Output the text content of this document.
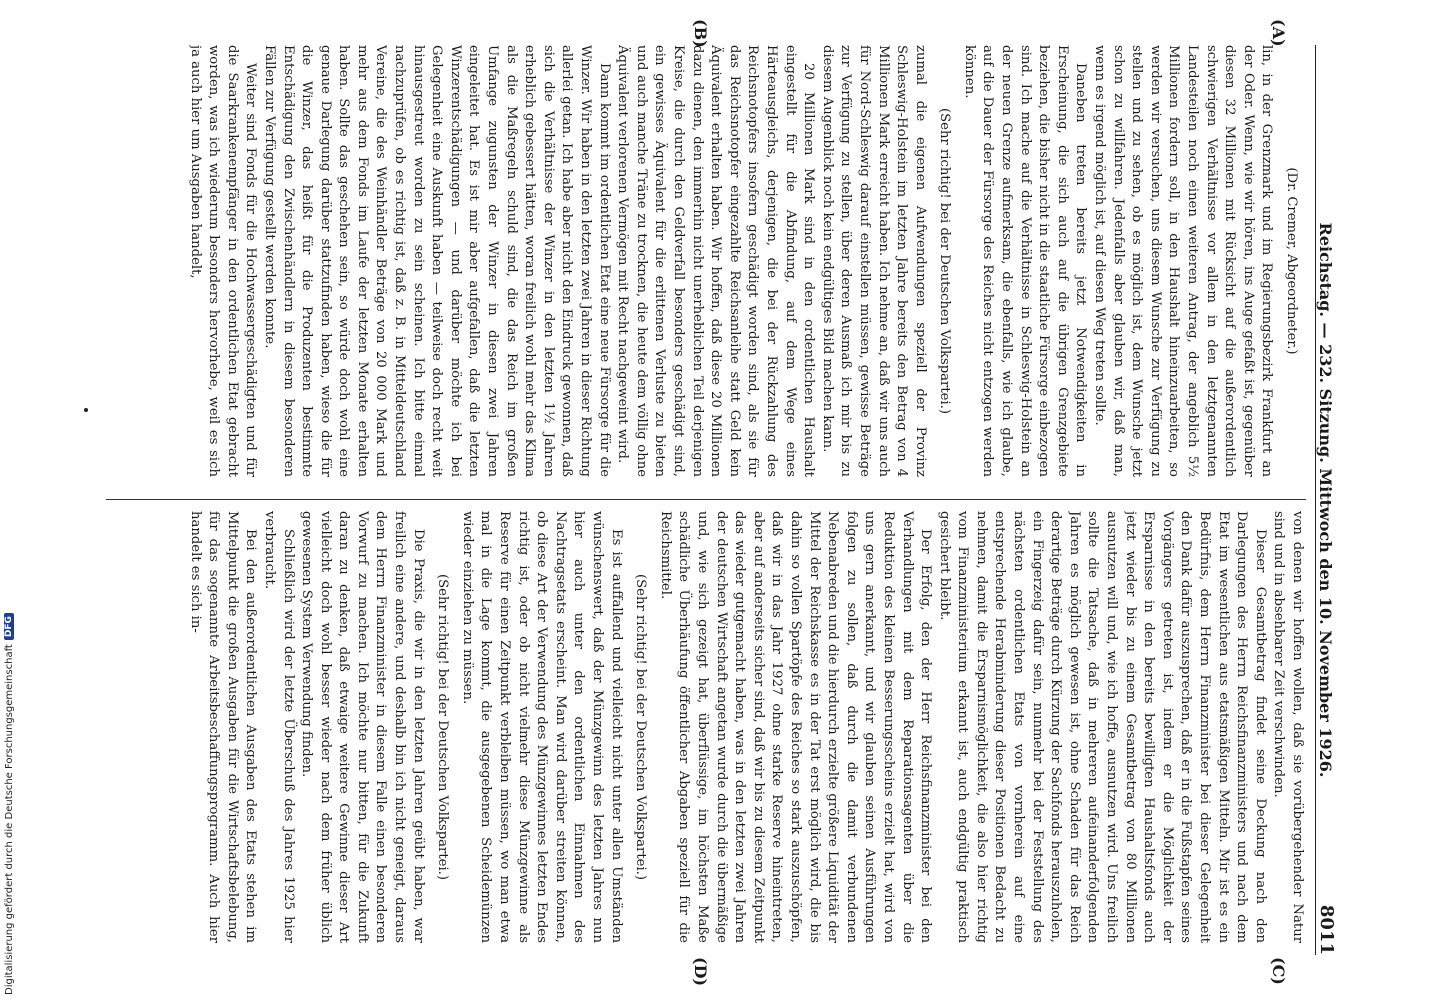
Reichstag. — 232. Sitzung. Mittwoch den 10. November 1926.
8011

(Dr. Cremer, Abgeordneter.)

lin, in der Grenzmark und im Regierungsbezirk Frankfurt an der Oder. Wenn, wie wir hören, ins Auge gefaßt ist, gegenüber diesen 32 Millionen mit Rücksicht auf die außerordentlich schwierigen Verhältnisse vor allem in den letztgenannten Landesteilen noch einen weiteren Antrag, der angeblich 5½ Millionen fordern soll, in den Haushalt hineinzuarbeiten, so werden wir versuchen, uns diesem Wunsche zur Verfügung zu stellen und zu sehen, ob es möglich ist, dem Wunsche jetzt schon zu willfahren. Jedenfalls aber glauben wir, daß man, wenn es irgend möglich ist, auf diesen Weg treten sollte.

Daneben treten bereits jetzt Notwendigkeiten in Erscheinung, die sich auch auf die übrigen Grenzgebiete beziehen, die bisher nicht in die staatliche Fürsorge einbezogen sind. Ich mache auf die Verhältnisse in Schleswig-Holstein an der neuen Grenze aufmerksam, die ebenfalls, wie ich glaube, auf die Dauer der Fürsorge des Reiches nicht entzogen werden können.

(Sehr richtig! bei der Deutschen Volkspartei.)

zumal die eigenen Aufwendungen speziell der Provinz Schleswig-Holstein im letzten Jahre bereits den Betrag von 4 Millionen Mark erreicht haben. Ich nehme an, daß wir uns auch für Nord-Schleswig darauf einstellen müssen, gewisse Beträge zur Verfügung zu stellen, über deren Ausmaß ich mir bis zu diesem Augenblick noch kein endgültiges Bild machen kann.

20 Millionen Mark sind in den ordentlichen Haushalt eingestellt für die Abfindung, auf dem Wege eines Härteausgleichs, derjenigen, die bei der Rückzahlung des Reichsnotopfers insofern geschädigt worden sind, als sie für das Reichsnotopfer eingezahlte Reichsanleihe statt Geld kein Äquivalent erhalten haben. Wir hoffen, daß diese 20 Millionen dazu dienen, den immerhin nicht unerheblichen Teil derjenigen Kreise, die durch den Geldverfall besonders geschädigt sind, ein gewisses Äquivalent für die erlittenen Verluste zu bieten und auch manche Träne zu trocknen, die heute dem völlig ohne Äquivalent verlorenen Vermögen mit Recht nachgeweint wird.

Dann kommt im ordentlichen Etat eine neue Fürsorge für die Winzer. Wir haben in den letzten zwei Jahren in dieser Richtung allerlei getan. Ich habe aber nicht den Eindruck gewonnen, daß sich die Verhältnisse der Winzer in den letzten 1½ Jahren erheblich gebessert hätten, woran freilich wohl mehr das Klima als die Maßregeln schuld sind, die das Reich im großen Umfange zugunsten der Winzer in diesen zwei Jahren eingeleitet hat. Es ist mir aber aufgefallen, daß die letzten Winzerentschädigungen — und darüber möchte ich bei Gelegenheit eine Auskunft haben — teilweise doch recht weit hinausgestreut worden zu sein scheinen. Ich bitte einmal nachzuprüfen, ob es richtig ist, daß z. B. in Mitteldeutschland Vereine, die des Weinhändler Beträge von 20 000 Mark und mehr aus dem Fonds im Laufe der letzten Monate erhalten haben. Sollte das geschehen sein, so würde doch wohl eine genaue Darlegung darüber stattzufinden haben, wieso die für die Winzer, das heißt für die Produzenten bestimmte Entschädigung den Zwischenhändlern in diesem besonderen Fällen zur Verfügung gestellt werden konnte.

Weiter sind Fonds für die Hochwassergeschädigten und für die Saarkrankenempfänger in den ordentlichen Etat gebracht worden, was ich wiederum besonders hervorhebe, weil es sich ja auch hier um Ausgaben handelt,

von denen wir hoffen wollen, daß sie vorübergehender Natur sind und in absehbarer Zeit verschwinden.

Dieser Gesamtbetrag findet seine Deckung nach den Darlegungen des Herrn Reichsfinanzministers und nach dem Etat im wesentlichen aus etatsmäßigen Mitteln. Mir ist es ein Bedürfnis, dem Herrn Finanzminister bei dieser Gelegenheit den Dank dafür auszusprechen, daß er in die Fußstapfen seines Vorgängers getreten ist, indem er die Möglichkeit der Ersparnisse in den bereits bewilligten Haushaltsfonds auch jetzt wieder bis zu einem Gesamtbetrag von 80 Millionen ausnutzen will und, wie ich hoffe, ausnutzen wird. Uns freilich sollte die Tatsache, daß in mehreren aufeinanderfolgenden Jahren es möglich gewesen ist, ohne Schaden für das Reich derartige Beträge durch Kürzung der Sachfonds herauszuholen, ein Fingerzeig dafür sein, nunmehr bei der Feststellung des nächsten ordentlichen Etats von vornherein auf eine entsprechende Herabminderung dieser Positionen Bedacht zu nehmen, damit die Ersparnismöglichkeit, die also hier richtig vom Finanzministerium erkannt ist, auch endgültig praktisch gesichert bleibt.

Der Erfolg, den der Herr Reichsfinanzminister bei den Verhandlungen mit dem Reparationsagenten über die Reduktion des kleinen Besserungsscheins erzielt hat, wird von uns gern anerkannt, und wir glauben seinen Ausführungen folgen zu sollen, daß durch die damit verbundenen Nebenabreden und die hierdurch erzielte größere Liquidität der Mittel der Reichskasse es in der Tat erst möglich wird, die bis dahin so vollen Spartöpfe des Reiches so stark auszuschöpfen, daß wir in das Jahr 1927 ohne starke Reserve hineintreten, aber auf anderseits sicher sind, daß wir bis zu diesem Zeitpunkt das wieder gutgemacht haben, was in den letzten zwei Jahren der deutschen Wirtschaft angetan wurde durch die übermäßige und, wie sich gezeigt hat, überflüssige, im höchsten Maße schädliche Überhäufung öffentlicher Abgaben speziell für die Reichsmittel.

(Sehr richtig! bei der Deutschen Volkspartei.)

Es ist auffallend und vielleicht nicht unter allen Umständen wünschenswert, daß der Münzgewinn des letzten Jahres nun hier auch unter den ordentlichen Einnahmen des Nachtragsetats erscheint. Man wird darüber streiten können, ob diese Art der Verwendung des Münzgewinnes letzten Endes richtig ist, oder ob nicht vielmehr diese Münzgewinne als Reserve für einen Zeitpunkt verbleiben müssen, wo man etwa mal in die Lage kommt, die ausgegebenen Scheidemünzen wieder einziehen zu müssen.

(Sehr richtig! bei der Deutschen Volkspartei.)

Die Praxis, die wir in den letzten Jahren geübt haben, war freilich eine andere, und deshalb bin ich nicht geneigt, daraus dem Herrn Finanzminister in diesem Falle einen besonderen Vorwurf zu machen. Ich möchte nur bitten, für die Zukunft daran zu denken, daß etwaige weitere Gewinne dieser Art vielleicht doch wohl besser wieder nach dem früher üblich gewesenen System Verwendung finden.

Schließlich wird der letzte Überschuß des Jahres 1925 hier verbraucht.

Bei den außerordentlichen Ausgaben des Etats stehen im Mittelpunkt die großen Ausgaben für die Wirtschaftsbelebung, für das sogenannte Arbeitsbeschaffungsprogramm. Auch hier handelt es sich in-

(A)
(B)
(C)
(D)
Digitalisierung gefördert durch die Deutsche Forschungsgemeinschaft
DFG
